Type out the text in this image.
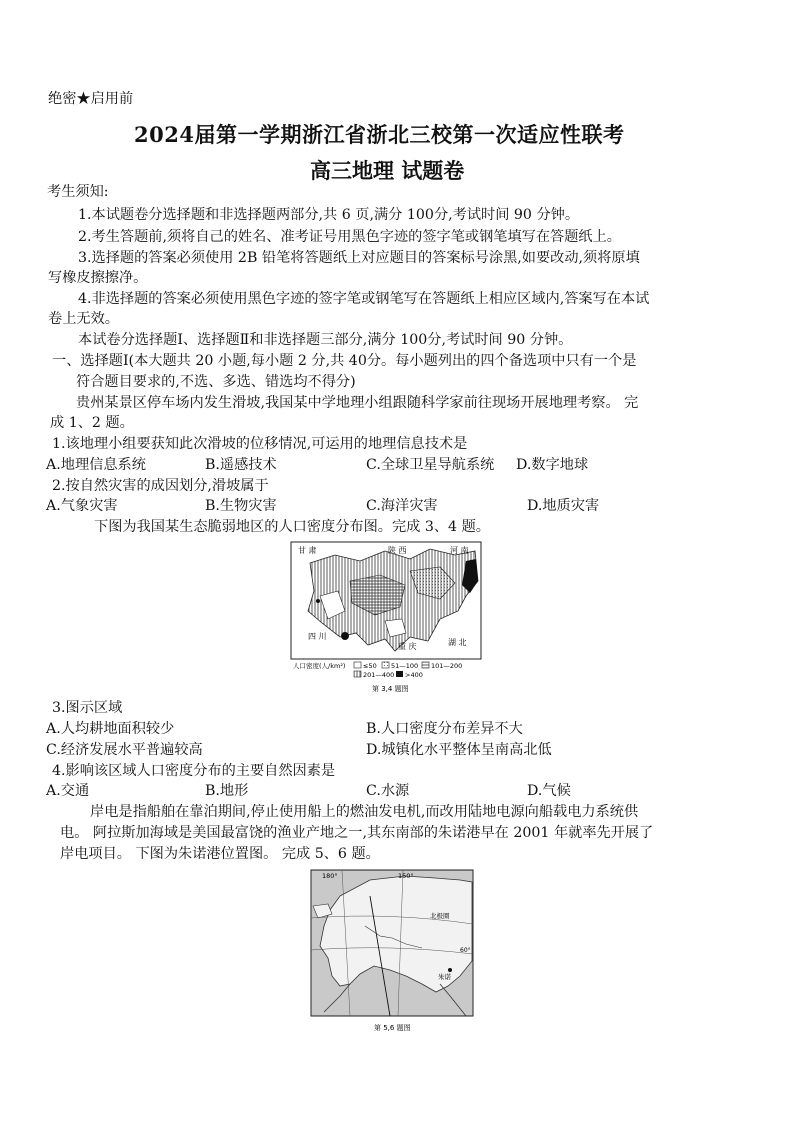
绝密★启用前
2024届第一学期浙江省浙北三校第一次适应性联考
高三地理 试题卷
考生须知:
1.本试题卷分选择题和非选择题两部分,共 6 页,满分 100分,考试时间 90 分钟。
2.考生答题前,须将自己的姓名、准考证号用黑色字迹的签字笔或钢笔填写在答题纸上。
3.选择题的答案必须使用 2B 铅笔将答题纸上对应题目的答案标号涂黑,如要改动,须将原填
写橡皮擦擦净。
4.非选择题的答案必须使用黑色字迹的签字笔或钢笔写在答题纸上相应区域内,答案写在本试
卷上无效。
本试卷分选择题Ⅰ、选择题Ⅱ和非选择题三部分,满分 100分,考试时间 90 分钟。
一、选择题Ⅰ(本大题共 20 小题,每小题 2 分,共 40分。每小题列出的四个备选项中只有一个是
符合题目要求的,不选、多选、错选均不得分)
贵州某景区停车场内发生滑坡,我国某中学地理小组跟随科学家前往现场开展地理考察。 完
成 1、2 题。
1.该地理小组要获知此次滑坡的位移情况,可运用的地理信息技术是
A.地理信息系统	B.遥感技术	C.全球卫星导航系统 D.数字地球
2.按自然灾害的成因划分,滑坡属于
A.气象灾害	B.生物灾害	C.海洋灾害	D.地质灾害
下图为我国某生态脆弱地区的人口密度分布图。完成 3、4 题。
甘 肃	陕 西	河 南
四 川
重 庆	湖 北
人口密度(人/km²)	≤50 51—100 101—200
201—400 >400
第 3,4 题图
3.图示区域
A.人均耕地面积较少	B.人口密度分布差异不大
C.经济发展水平普遍较高	D.城镇化水平整体呈南高北低
4.影响该区域人口密度分布的主要自然因素是
A.交通	B.地形	C.水源	D.气候
岸电是指船舶在靠泊期间,停止使用船上的燃油发电机,而改用陆地电源向船载电力系统供
电。 阿拉斯加海域是美国最富饶的渔业产地之一,其东南部的朱诺港早在 2001 年就率先开展了
岸电项目。 下图为朱诺港位置图。 完成 5、6 题。
180°	150°
北极圈
60°
朱诺
第 5,6 题图
